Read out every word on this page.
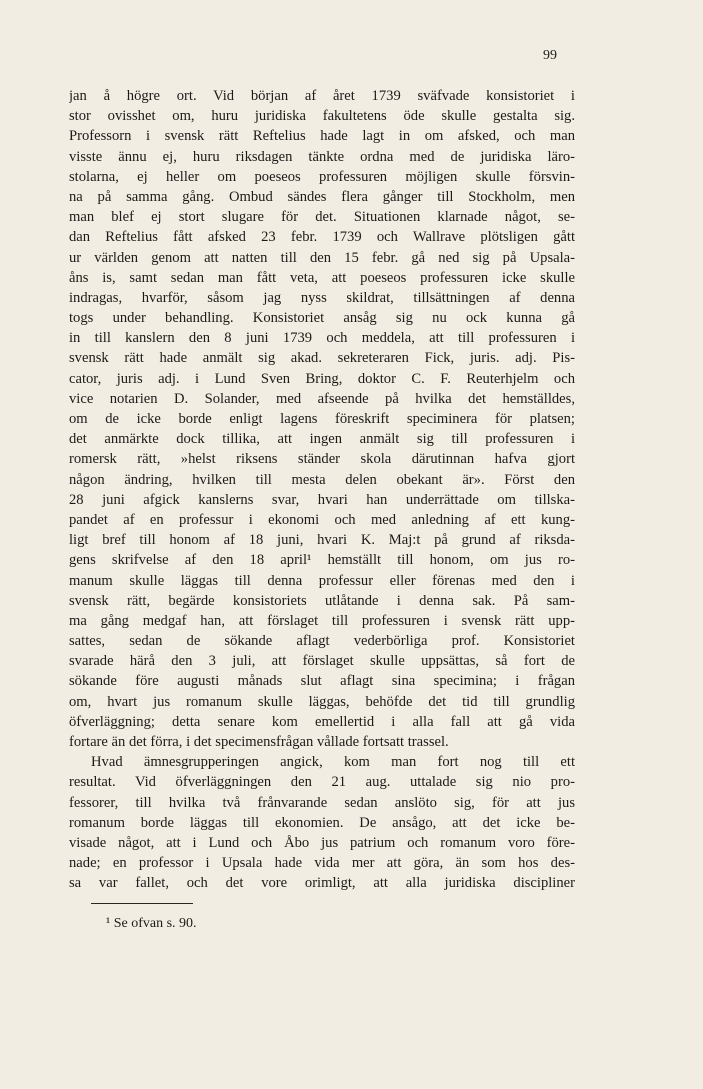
99
jan å högre ort. Vid början af året 1739 sväfvade konsistoriet i
stor ovisshet om, huru juridiska fakultetens öde skulle gestalta sig.
Professorn i svensk rätt Reftelius hade lagt in om afsked, och man
visste ännu ej, huru riksdagen tänkte ordna med de juridiska läro-
stolarna, ej heller om poeseos professuren möjligen skulle försvin-
na på samma gång. Ombud sändes flera gånger till Stockholm, men
man blef ej stort slugare för det. Situationen klarnade något, se-
dan Reftelius fått afsked 23 febr. 1739 och Wallrave plötsligen gått
ur världen genom att natten till den 15 febr. gå ned sig på Upsala-
åns is, samt sedan man fått veta, att poeseos professuren icke skulle
indragas, hvarför, såsom jag nyss skildrat, tillsättningen af denna
togs under behandling. Konsistoriet ansåg sig nu ock kunna gå
in till kanslern den 8 juni 1739 och meddela, att till professuren i
svensk rätt hade anmält sig akad. sekreteraren Fick, juris. adj. Pis-
cator, juris adj. i Lund Sven Bring, doktor C. F. Reuterhjelm och
vice notarien D. Solander, med afseende på hvilka det hemställdes,
om de icke borde enligt lagens föreskrift speciminera för platsen;
det anmärkte dock tillika, att ingen anmält sig till professuren i
romersk rätt, »helst riksens ständer skola därutinnan hafva gjort
någon ändring, hvilken till mesta delen obekant är». Först den
28 juni afgick kanslerns svar, hvari han underrättade om tillska-
pandet af en professur i ekonomi och med anledning af ett kung-
ligt bref till honom af 18 juni, hvari K. Maj:t på grund af riksda-
gens skrifvelse af den 18 april¹ hemställt till honom, om jus ro-
manum skulle läggas till denna professur eller förenas med den i
svensk rätt, begärde konsistoriets utlåtande i denna sak. På sam-
ma gång medgaf han, att förslaget till professuren i svensk rätt upp-
sattes, sedan de sökande aflagt vederbörliga prof. Konsistoriet
svarade härå den 3 juli, att förslaget skulle uppsättas, så fort de
sökande före augusti månads slut aflagt sina specimina; i frågan
om, hvart jus romanum skulle läggas, behöfde det tid till grundlig
öfverläggning; detta senare kom emellertid i alla fall att gå vida
fortare än det förra, i det specimensfrågan vållade fortsatt trassel.
Hvad ämnesgrupperingen angick, kom man fort nog till ett
resultat. Vid öfverläggningen den 21 aug. uttalade sig nio pro-
fessorer, till hvilka två frånvarande sedan anslöto sig, för att jus
romanum borde läggas till ekonomien. De ansågo, att det icke be-
visade något, att i Lund och Åbo jus patrium och romanum voro före-
nade; en professor i Upsala hade vida mer att göra, än som hos des-
sa var fallet, och det vore orimligt, att alla juridiska discipliner
¹ Se ofvan s. 90.
